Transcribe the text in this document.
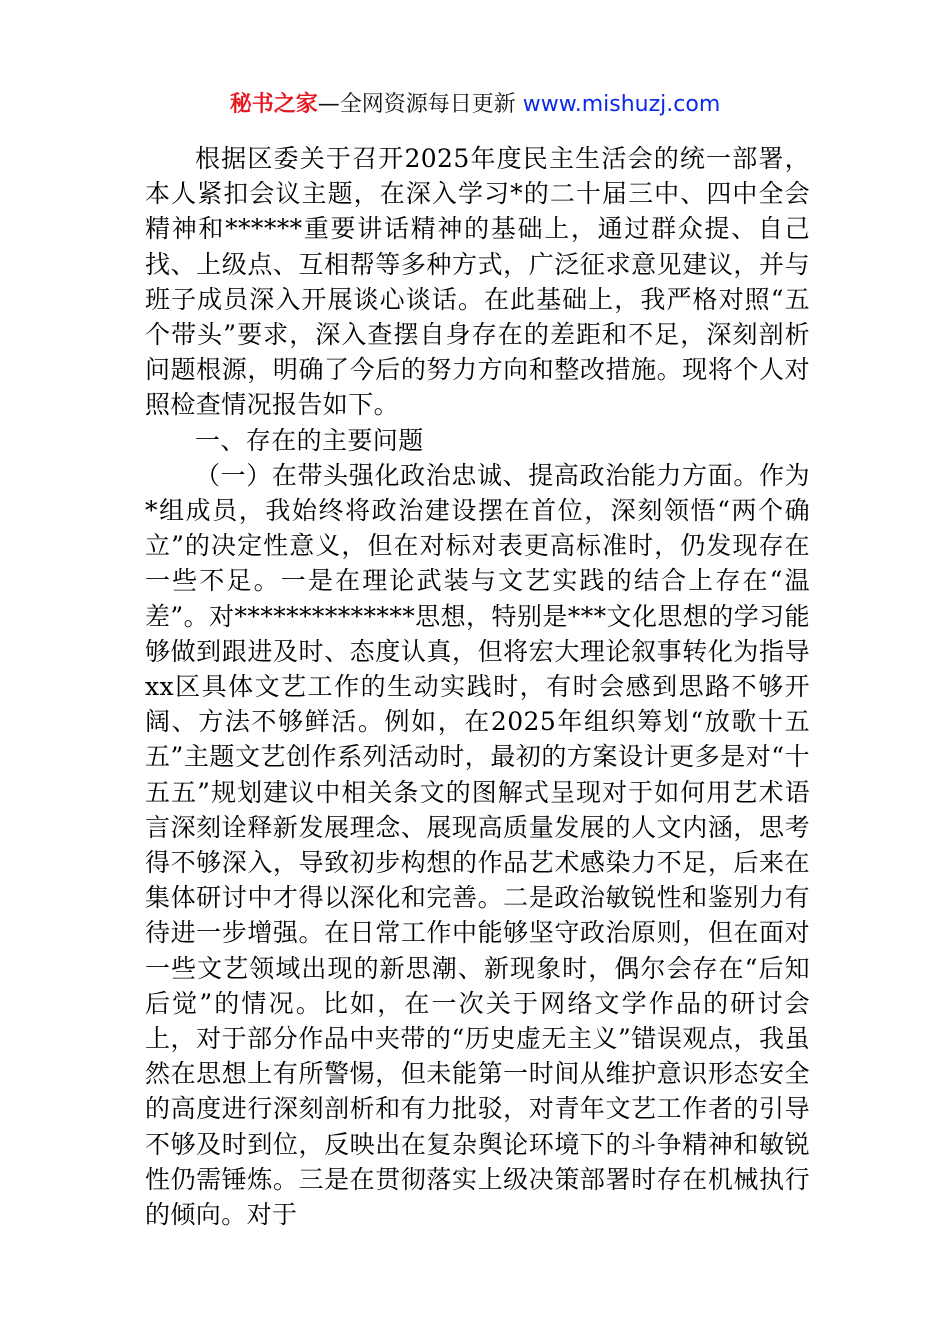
秘书之家—全网资源每日更新 www.mishuzj.com

根据区委关于召开2025年度民主生活会的统一部署，本人紧扣会议主题，在深入学习*的二十届三中、四中全会精神和******重要讲话精神的基础上，通过群众提、自己找、上级点、互相帮等多种方式，广泛征求意见建议，并与班子成员深入开展谈心谈话。在此基础上，我严格对照“五个带头”要求，深入查摆自身存在的差距和不足，深刻剖析问题根源，明确了今后的努力方向和整改措施。现将个人对照检查情况报告如下。

一、存在的主要问题

（一）在带头强化政治忠诚、提高政治能力方面。作为*组成员，我始终将政治建设摆在首位，深刻领悟“两个确立”的决定性意义，但在对标对表更高标准时，仍发现存在一些不足。一是在理论武装与文艺实践的结合上存在“温差”。对**************思想，特别是***文化思想的学习能够做到跟进及时、态度认真，但将宏大理论叙事转化为指导xx区具体文艺工作的生动实践时，有时会感到思路不够开阔、方法不够鲜活。例如，在2025年组织筹划“放歌十五五”主题文艺创作系列活动时，最初的方案设计更多是对“十五五”规划建议中相关条文的图解式呈现对于如何用艺术语言深刻诠释新发展理念、展现高质量发展的人文内涵，思考得不够深入，导致初步构想的作品艺术感染力不足，后来在集体研讨中才得以深化和完善。二是政治敏锐性和鉴别力有待进一步增强。在日常工作中能够坚守政治原则，但在面对一些文艺领域出现的新思潮、新现象时，偶尔会存在“后知后觉”的情况。比如，在一次关于网络文学作品的研讨会上，对于部分作品中夹带的“历史虚无主义”错误观点，我虽然在思想上有所警惕，但未能第一时间从维护意识形态安全的高度进行深刻剖析和有力批驳，对青年文艺工作者的引导不够及时到位，反映出在复杂舆论环境下的斗争精神和敏锐性仍需锤炼。三是在贯彻落实上级决策部署时存在机械执行的倾向。对于
